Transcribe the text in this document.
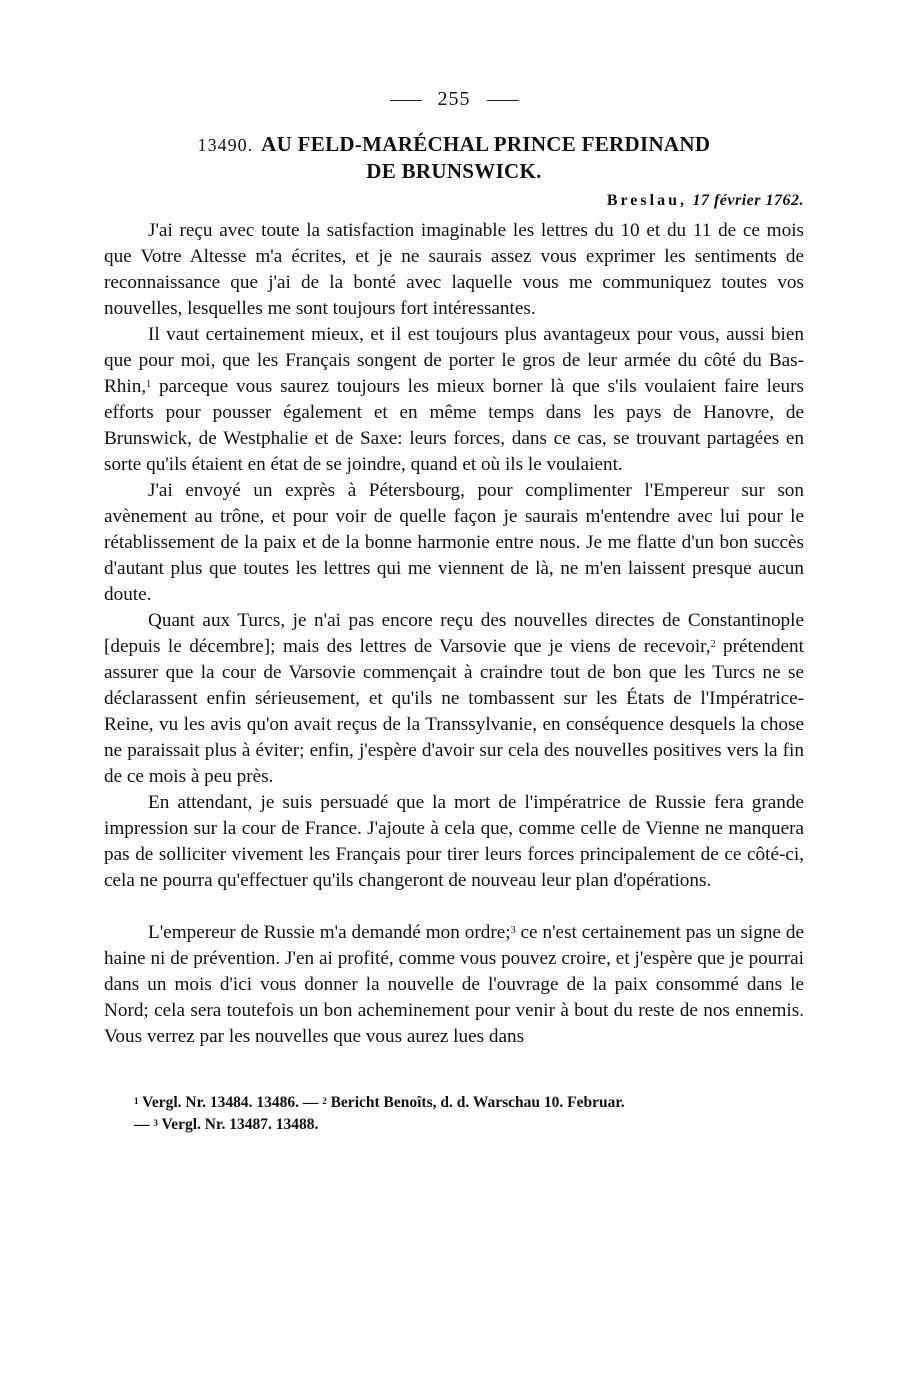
255
13490. AU FELD-MARÉCHAL PRINCE FERDINAND
DE BRUNSWICK.
Breslau, 17 février 1762.

J'ai reçu avec toute la satisfaction imaginable les lettres du 10 et du 11 de ce mois que Votre Altesse m'a écrites, et je ne saurais assez vous exprimer les sentiments de reconnaissance que j'ai de la bonté avec laquelle vous me communiquez toutes vos nouvelles, lesquelles me sont toujours fort intéressantes.

Il vaut certainement mieux, et il est toujours plus avantageux pour vous, aussi bien que pour moi, que les Français songent de porter le gros de leur armée du côté du Bas-Rhin,$^1$ parceque vous saurez toujours les mieux borner là que s'ils voulaient faire leurs efforts pour pousser également et en même temps dans les pays de Hanovre, de Brunswick, de Westphalie et de Saxe: leurs forces, dans ce cas, se trouvant partagées en sorte qu'ils étaient en état de se joindre, quand et où ils le voulaient.

J'ai envoyé un exprès à Pétersbourg, pour complimenter l'Empereur sur son avènement au trône, et pour voir de quelle façon je saurais m'entendre avec lui pour le rétablissement de la paix et de la bonne harmonie entre nous. Je me flatte d'un bon succès d'autant plus que toutes les lettres qui me viennent de là, ne m'en laissent presque aucun doute.

Quant aux Turcs, je n'ai pas encore reçu des nouvelles directes de Constantinople [depuis le décembre]; mais des lettres de Varsovie que je viens de recevoir,$^2$ prétendent assurer que la cour de Varsovie commençait à craindre tout de bon que les Turcs ne se déclarassent enfin sérieusement, et qu'ils ne tombassent sur les États de l'Impératrice-Reine, vu les avis qu'on avait reçus de la Transsylvanie, en conséquence desquels la chose ne paraissait plus à éviter; enfin, j'espère d'avoir sur cela des nouvelles positives vers la fin de ce mois à peu près.

En attendant, je suis persuadé que la mort de l'impératrice de Russie fera grande impression sur la cour de France. J'ajoute à cela que, comme celle de Vienne ne manquera pas de solliciter vivement les Français pour tirer leurs forces principalement de ce côté-ci, cela ne pourra qu'effectuer qu'ils changeront de nouveau leur plan d'opérations.

L'empereur de Russie m'a demandé mon ordre;$^3$ ce n'est certainement pas un signe de haine ni de prévention. J'en ai profité, comme vous pouvez croire, et j'espère que je pourrai dans un mois d'ici vous donner la nouvelle de l'ouvrage de la paix consommé dans le Nord; cela sera toutefois un bon acheminement pour venir à bout du reste de nos ennemis. Vous verrez par les nouvelles que vous aurez lues dans

$^1$ Vergl. Nr. 13484. 13486. — $^2$ Bericht Benoîts, d. d. Warschau 10. Februar.
— $^3$ Vergl. Nr. 13487. 13488.
